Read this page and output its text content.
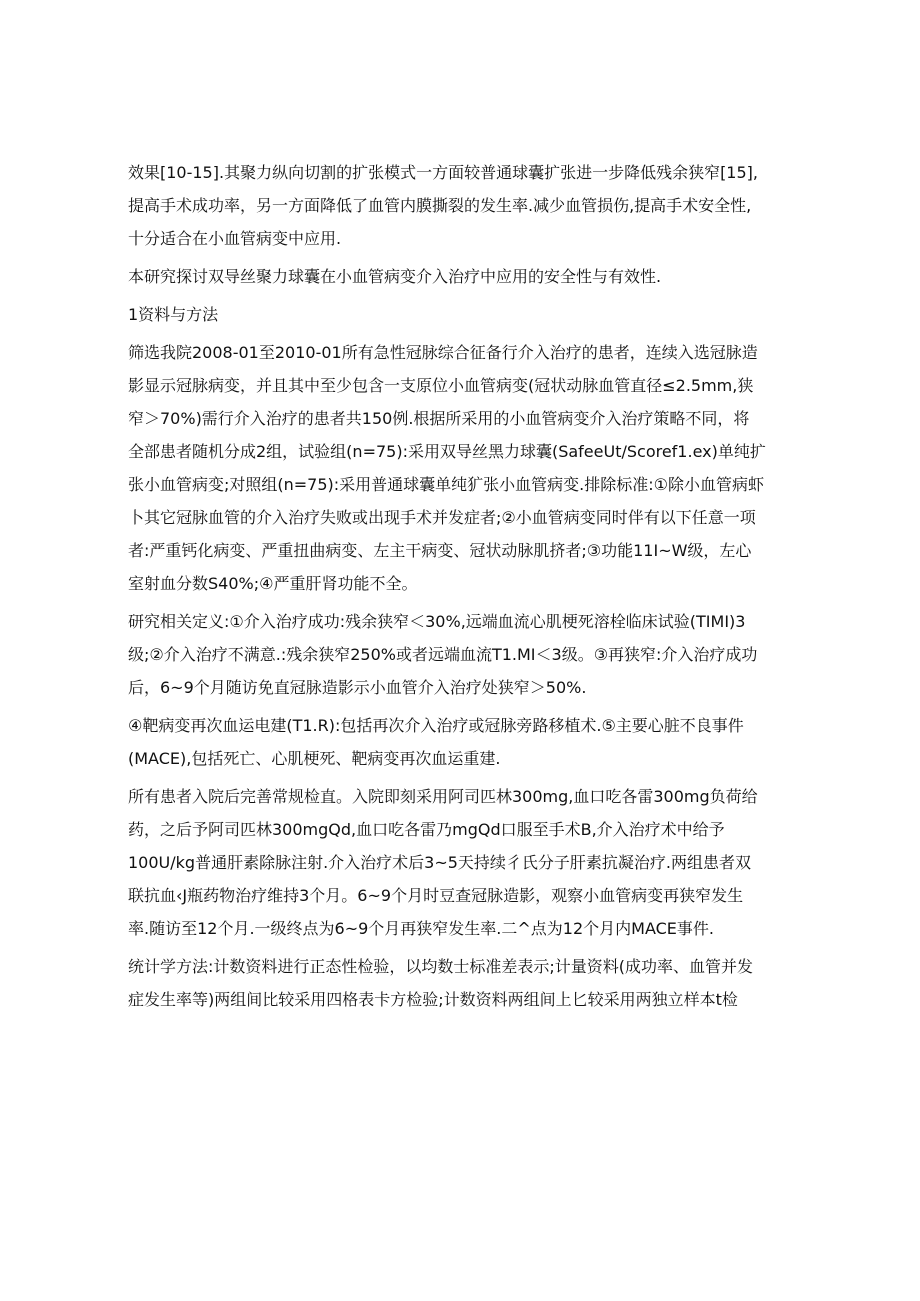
效果[10-15].其聚力纵向切割的扩张模式一方面较普通球囊扩张进一步降低残余狭窄[15],
提高手术成功率，另一方面降低了血管内膜撕裂的发生率.减少血管损伤,提高手术安全性,
十分适合在小血管病变中应用.

本研究探讨双导丝聚力球囊在小血管病变介入治疗中应用的安全性与有效性.

1资料与方法

筛选我院2008-01至2010-01所有急性冠脉综合征备行介入治疗的患者，连续入选冠脉造
影显示冠脉病变，并且其中至少包含一支原位小血管病变(冠状动脉血管直径≤2.5mm,狭
窄＞70%)需行介入治疗的患者共150例.根据所采用的小血管病变介入治疗策略不同，将
全部患者随机分成2组，试验组(n=75):采用双导丝黑力球囊(SafeeUt/Scoref1.ex)单纯扩
张小血管病变;对照组(n=75):采用普通球囊单纯犷张小血管病变.排除标准:①除小血管病虾
卜其它冠脉血管的介入治疗失败或出现手术并发症者;②小血管病变同时伴有以下任意一项
者:严重钙化病变、严重扭曲病变、左主干病变、冠状动脉肌挤者;③功能11I~W级，左心
室射血分数S40%;④严重肝肾功能不全。

研究相关定义:①介入治疗成功:残余狭窄＜30%,远端血流心肌梗死溶栓临床试验(TIMI)3
级;②介入治疗不满意.:残余狭窄250%或者远端血流T1.MI＜3级。③再狭窄:介入治疗成功
后，6~9个月随访免直冠脉造影示小血管介入治疗处狭窄＞50%.

④靶病变再次血运电建(T1.R):包括再次介入治疗或冠脉旁路移植术.⑤主要心脏不良事件
(MACE),包括死亡、心肌梗死、靶病变再次血运重建.

所有患者入院后完善常规检直。入院即刻采用阿司匹林300mg,血口吃各雷300mg负荷给
药，之后予阿司匹林300mgQd,血口吃各雷乃mgQd口服至手术B,介入治疗术中给予
100U/kg普通肝素除脉注射.介入治疗术后3~5天持续彳氏分子肝素抗凝治疗.两组患者双
联抗血‹J瓶药物治疗维持3个月。6~9个月时豆查冠脉造影，观察小血管病变再狭窄发生
率.随访至12个月.一级终点为6~9个月再狭窄发生率.二^点为12个月内MACE事件.

统计学方法:计数资料进行正态性检验，以均数士标准差表示;计量资料(成功率、血管并发
症发生率等)两组间比较采用四格表卡方检验;计数资料两组间上匕较采用两独立样本t检
